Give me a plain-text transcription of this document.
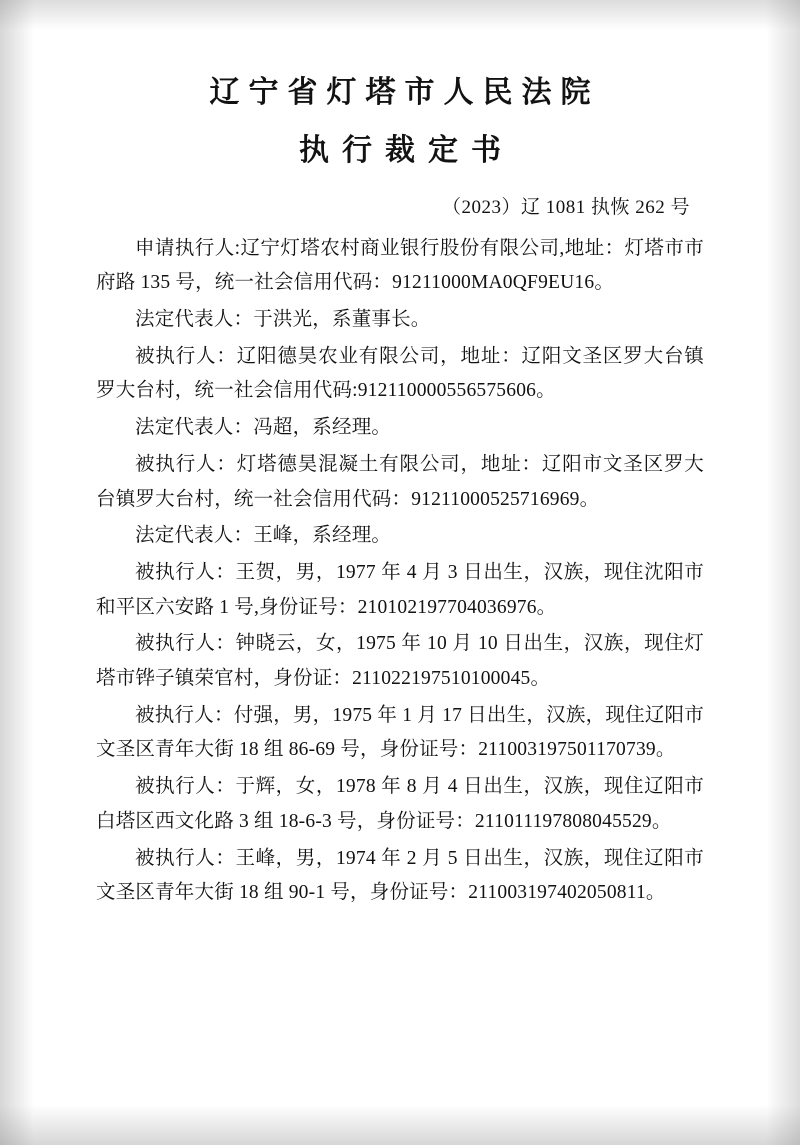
辽宁省灯塔市人民法院
执行裁定书
（2023）辽 1081 执恢 262 号

申请执行人:辽宁灯塔农村商业银行股份有限公司,地址：灯塔市市府路 135 号，统一社会信用代码：91211000MA0QF9EU16。

法定代表人：于洪光，系董事长。

被执行人：辽阳德昊农业有限公司，地址：辽阳文圣区罗大台镇罗大台村，统一社会信用代码:912110000556575606。

法定代表人：冯超，系经理。

被执行人：灯塔德昊混凝土有限公司，地址：辽阳市文圣区罗大台镇罗大台村，统一社会信用代码：91211000525716969。

法定代表人：王峰，系经理。

被执行人：王贺，男，1977 年 4 月 3 日出生，汉族，现住沈阳市和平区六安路 1 号,身份证号：210102197704036976。

被执行人：钟晓云，女，1975 年 10 月 10 日出生，汉族，现住灯塔市铧子镇荣官村，身份证：211022197510100045。

被执行人：付强，男，1975 年 1 月 17 日出生，汉族，现住辽阳市文圣区青年大街 18 组 86-69 号，身份证号：211003197501170739。

被执行人：于辉，女，1978 年 8 月 4 日出生，汉族，现住辽阳市白塔区西文化路 3 组 18-6-3 号，身份证号：211011197808045529。

被执行人：王峰，男，1974 年 2 月 5 日出生，汉族，现住辽阳市文圣区青年大街 18 组 90-1 号，身份证号：211003197402050811。
